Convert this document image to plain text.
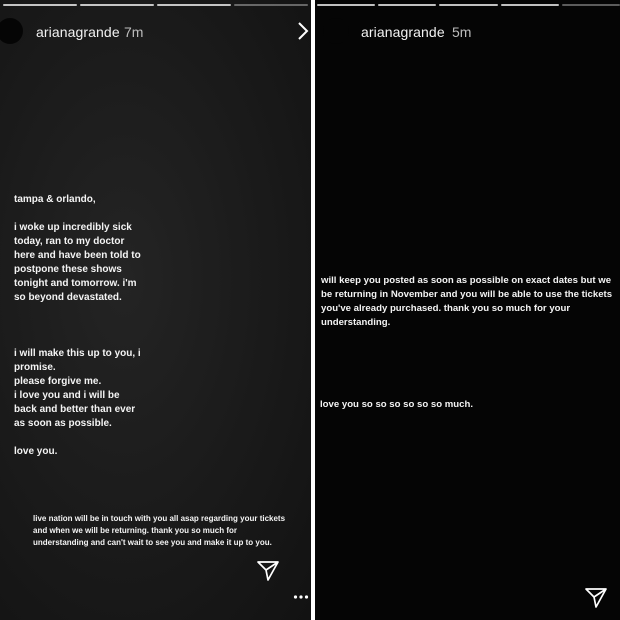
arianagrande 7m
tampa & orlando,
i woke up incredibly sick
today, ran to my doctor
here and have been told to
postpone these shows
tonight and tomorrow. i'm
so beyond devastated.
i will make this up to you, i
promise.
please forgive me.
i love you and i will be
back and better than ever
as soon as possible.
love you.
live nation will be in touch with you all asap regarding your tickets
and when we will be returning. thank you so much for
understanding and can't wait to see you and make it up to you.
arianagrande 5m
will keep you posted as soon as possible on exact dates but we
be returning in November and you will be able to use the tickets
you've already purchased. thank you so much for your
understanding.
love you so so so so so so much.
